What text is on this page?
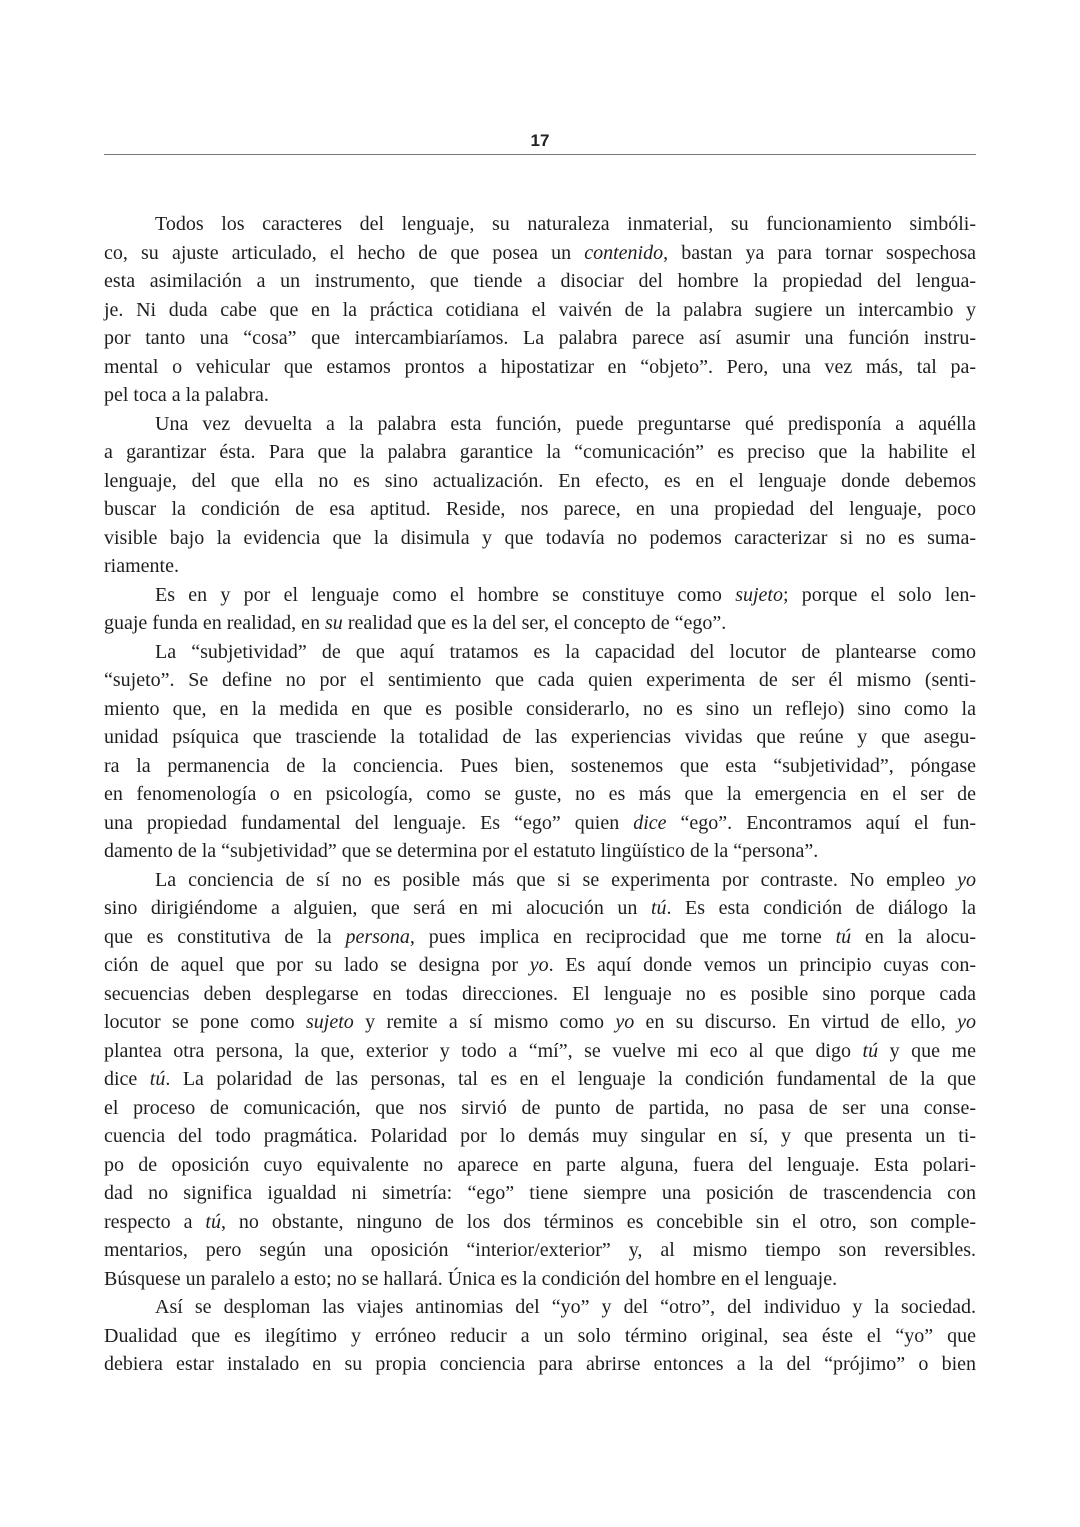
17
Todos los caracteres del lenguaje, su naturaleza inmaterial, su funcionamiento simbóli-
co, su ajuste articulado, el hecho de que posea un contenido, bastan ya para tornar sospechosa
esta asimilación a un instrumento, que tiende a disociar del hombre la propiedad del lengua-
je. Ni duda cabe que en la práctica cotidiana el vaivén de la palabra sugiere un intercambio y
por tanto una “cosa” que intercambiaríamos. La palabra parece así asumir una función instru-
mental o vehicular que estamos prontos a hipostatizar en “objeto”. Pero, una vez más, tal pa-
pel toca a la palabra.
Una vez devuelta a la palabra esta función, puede preguntarse qué predisponía a aquélla
a garantizar ésta. Para que la palabra garantice la “comunicación” es preciso que la habilite el
lenguaje, del que ella no es sino actualización. En efecto, es en el lenguaje donde debemos
buscar la condición de esa aptitud. Reside, nos parece, en una propiedad del lenguaje, poco
visible bajo la evidencia que la disimula y que todavía no podemos caracterizar si no es suma-
riamente.
Es en y por el lenguaje como el hombre se constituye como sujeto; porque el solo len-
guaje funda en realidad, en su realidad que es la del ser, el concepto de “ego”.
La “subjetividad” de que aquí tratamos es la capacidad del locutor de plantearse como
“sujeto”. Se define no por el sentimiento que cada quien experimenta de ser él mismo (senti-
miento que, en la medida en que es posible considerarlo, no es sino un reflejo) sino como la
unidad psíquica que trasciende la totalidad de las experiencias vividas que reúne y que asegu-
ra la permanencia de la conciencia. Pues bien, sostenemos que esta “subjetividad”, póngase
en fenomenología o en psicología, como se guste, no es más que la emergencia en el ser de
una propiedad fundamental del lenguaje. Es “ego” quien dice “ego”. Encontramos aquí el fun-
damento de la “subjetividad” que se determina por el estatuto lingüístico de la “persona”.
La conciencia de sí no es posible más que si se experimenta por contraste. No empleo yo
sino dirigiéndome a alguien, que será en mi alocución un tú. Es esta condición de diálogo la
que es constitutiva de la persona, pues implica en reciprocidad que me torne tú en la alocu-
ción de aquel que por su lado se designa por yo. Es aquí donde vemos un principio cuyas con-
secuencias deben desplegarse en todas direcciones. El lenguaje no es posible sino porque cada
locutor se pone como sujeto y remite a sí mismo como yo en su discurso. En virtud de ello, yo
plantea otra persona, la que, exterior y todo a “mí”, se vuelve mi eco al que digo tú y que me
dice tú. La polaridad de las personas, tal es en el lenguaje la condición fundamental de la que
el proceso de comunicación, que nos sirvió de punto de partida, no pasa de ser una conse-
cuencia del todo pragmática. Polaridad por lo demás muy singular en sí, y que presenta un ti-
po de oposición cuyo equivalente no aparece en parte alguna, fuera del lenguaje. Esta polari-
dad no significa igualdad ni simetría: “ego” tiene siempre una posición de trascendencia con
respecto a tú, no obstante, ninguno de los dos términos es concebible sin el otro, son comple-
mentarios, pero según una oposición “interior/exterior” y, al mismo tiempo son reversibles.
Búsquese un paralelo a esto; no se hallará. Única es la condición del hombre en el lenguaje.
Así se desploman las viajes antinomias del “yo” y del “otro”, del individuo y la sociedad.
Dualidad que es ilegítimo y erróneo reducir a un solo término original, sea éste el “yo” que
debiera estar instalado en su propia conciencia para abrirse entonces a la del “prójimo” o bien
